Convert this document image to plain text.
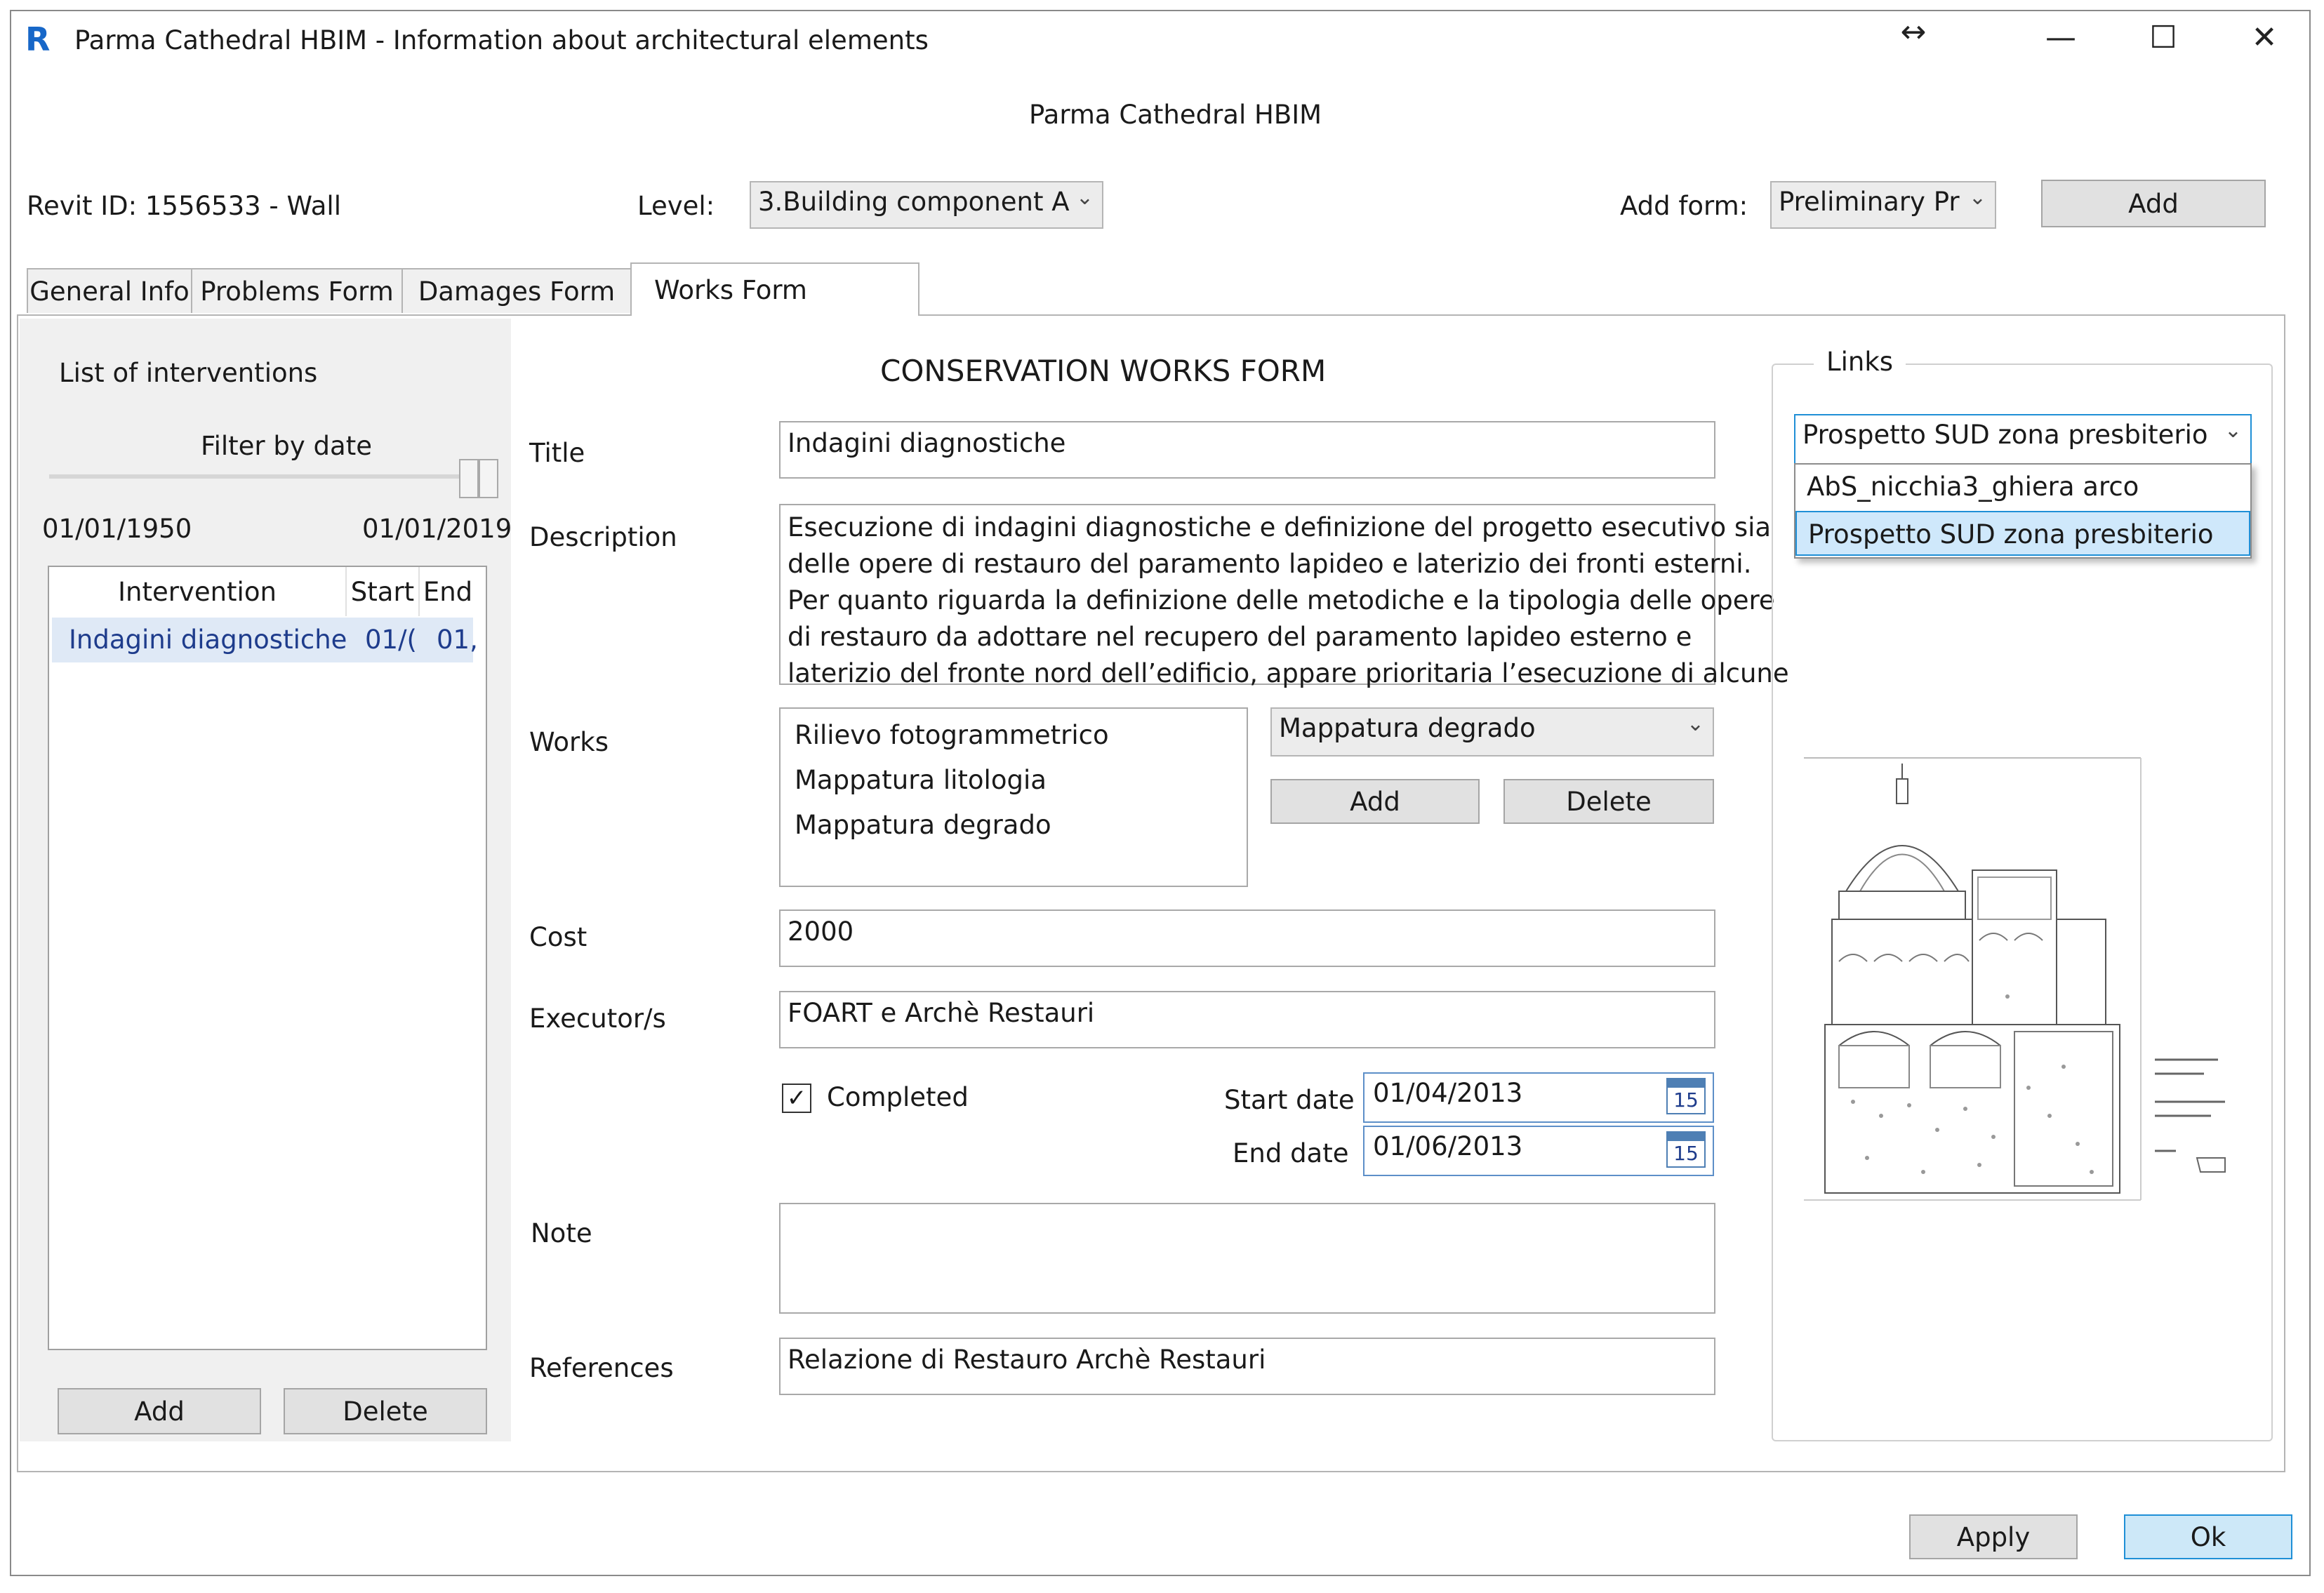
R Parma Cathedral HBIM - Information about architectural elements	↔	— ☐ ✕
Parma Cathedral HBIM
Revit ID: 1556533 - Wall	Level:	3.Building component A ⌄	Add form:	Preliminary Pr ⌄	Add
General Info Problems Form Damages Form	Works Form
List of interventions
Filter by date
01/01/1950	01/01/2019
Intervention	Start End
Indagini diagnostiche 01/( 01,
Add	Delete
CONSERVATION WORKS FORM
Title	Indagini diagnostiche
Description	Esecuzione di indagini diagnostiche e definizione del progetto esecutivo sia
delle opere di restauro del paramento lapideo e laterizio dei fronti esterni.
Per quanto riguarda la definizione delle metodiche e la tipologia delle opere
di restauro da adottare nel recupero del paramento lapideo esterno e
laterizio del fronte nord dell’edificio, appare prioritaria l’esecuzione di alcune
Works	Rilievo fotogrammetrico
Mappatura litologia
Mappatura degrado
Mappatura degrado	⌄
Add	Delete
Cost	2000
Executor/s	FOART e Archè Restauri
✓ Completed	Start date 01/04/2013	15
End date 01/06/2013	15
Note
References	Relazione di Restauro Archè Restauri
Links
Prospetto SUD zona presbiterio ⌄
AbS_nicchia3_ghiera arco
Prospetto SUD zona presbiterio
Apply	Ok
